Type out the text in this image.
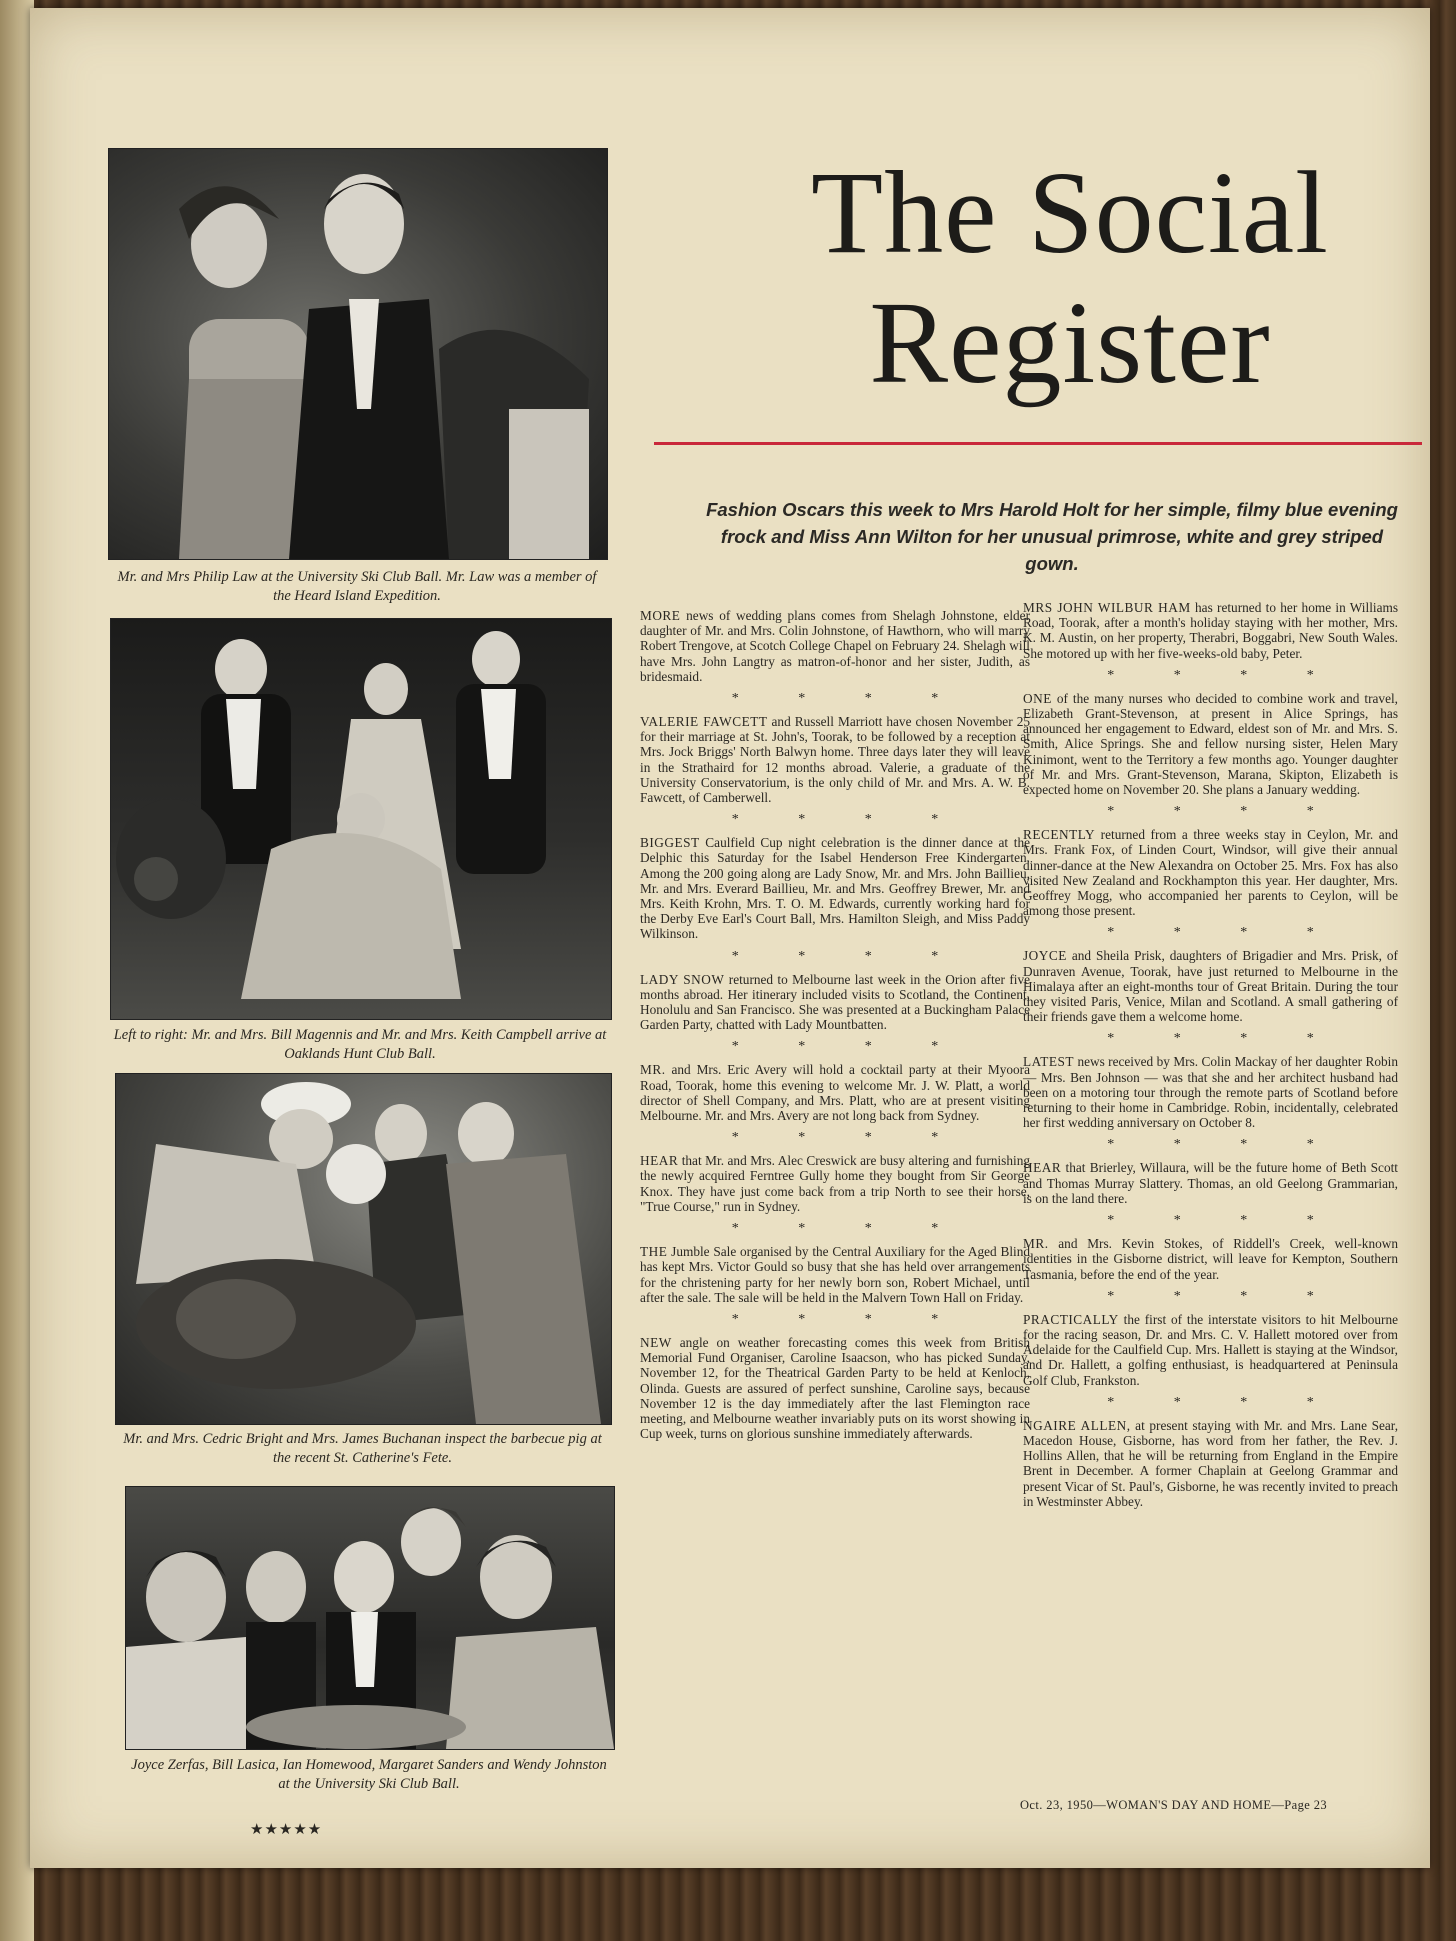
Mr. and Mrs Philip Law at the University Ski Club Ball. Mr. Law was a member of the Heard Island Expedition.
Left to right: Mr. and Mrs. Bill Magennis and Mr. and Mrs. Keith Campbell arrive at Oaklands Hunt Club Ball.
Mr. and Mrs. Cedric Bright and Mrs. James Buchanan inspect the barbecue pig at the recent St. Catherine's Fete.
Joyce Zerfas, Bill Lasica, Ian Homewood, Margaret Sanders and Wendy Johnston at the University Ski Club Ball.
★★★★★
The Social
Register
Fashion Oscars this week to Mrs Harold Holt for her simple, filmy blue evening frock and Miss Ann Wilton for her unusual primrose, white and grey striped gown.

MORE news of wedding plans comes from Shelagh Johnstone, elder daughter of Mr. and Mrs. Colin Johnstone, of Hawthorn, who will marry Robert Trengove, at Scotch College Chapel on February 24. Shelagh will have Mrs. John Langtry as matron-of-honor and her sister, Judith, as bridesmaid.

* * * *

VALERIE FAWCETT and Russell Marriott have chosen November 25 for their marriage at St. John's, Toorak, to be followed by a reception at Mrs. Jock Briggs' North Balwyn home. Three days later they will leave in the Strathaird for 12 months abroad. Valerie, a graduate of the University Conservatorium, is the only child of Mr. and Mrs. A. W. B. Fawcett, of Camberwell.

* * * *

BIGGEST Caulfield Cup night celebration is the dinner dance at the Delphic this Saturday for the Isabel Henderson Free Kindergarten. Among the 200 going along are Lady Snow, Mr. and Mrs. John Baillieu, Mr. and Mrs. Everard Baillieu, Mr. and Mrs. Geoffrey Brewer, Mr. and Mrs. Keith Krohn, Mrs. T. O. M. Edwards, currently working hard for the Derby Eve Earl's Court Ball, Mrs. Hamilton Sleigh, and Miss Paddy Wilkinson.

* * * *

LADY SNOW returned to Melbourne last week in the Orion after five months abroad. Her itinerary included visits to Scotland, the Continent, Honolulu and San Francisco. She was presented at a Buckingham Palace Garden Party, chatted with Lady Mountbatten.

* * * *

MR. and Mrs. Eric Avery will hold a cocktail party at their Myoora Road, Toorak, home this evening to welcome Mr. J. W. Platt, a world director of Shell Company, and Mrs. Platt, who are at present visiting Melbourne. Mr. and Mrs. Avery are not long back from Sydney.

* * * *

HEAR that Mr. and Mrs. Alec Creswick are busy altering and furnishing the newly acquired Ferntree Gully home they bought from Sir George Knox. They have just come back from a trip North to see their horse, "True Course," run in Sydney.

* * * *

THE Jumble Sale organised by the Central Auxiliary for the Aged Blind has kept Mrs. Victor Gould so busy that she has held over arrangements for the christening party for her newly born son, Robert Michael, until after the sale. The sale will be held in the Malvern Town Hall on Friday.

* * * *

NEW angle on weather forecasting comes this week from British Memorial Fund Organiser, Caroline Isaacson, who has picked Sunday, November 12, for the Theatrical Garden Party to be held at Kenloch, Olinda. Guests are assured of perfect sunshine, Caroline says, because November 12 is the day immediately after the last Flemington race meeting, and Melbourne weather invariably puts on its worst showing in Cup week, turns on glorious sunshine immediately afterwards.

MRS JOHN WILBUR HAM has returned to her home in Williams Road, Toorak, after a month's holiday staying with her mother, Mrs. K. M. Austin, on her property, Therabri, Boggabri, New South Wales. She motored up with her five-weeks-old baby, Peter.

* * * *

ONE of the many nurses who decided to combine work and travel, Elizabeth Grant-Stevenson, at present in Alice Springs, has announced her engagement to Edward, eldest son of Mr. and Mrs. S. Smith, Alice Springs. She and fellow nursing sister, Helen Mary Kinimont, went to the Territory a few months ago. Younger daughter of Mr. and Mrs. Grant-Stevenson, Marana, Skipton, Elizabeth is expected home on November 20. She plans a January wedding.

* * * *

RECENTLY returned from a three weeks stay in Ceylon, Mr. and Mrs. Frank Fox, of Linden Court, Windsor, will give their annual dinner-dance at the New Alexandra on October 25. Mrs. Fox has also visited New Zealand and Rockhampton this year. Her daughter, Mrs. Geoffrey Mogg, who accompanied her parents to Ceylon, will be among those present.

* * * *

JOYCE and Sheila Prisk, daughters of Brigadier and Mrs. Prisk, of Dunraven Avenue, Toorak, have just returned to Melbourne in the Himalaya after an eight-months tour of Great Britain. During the tour they visited Paris, Venice, Milan and Scotland. A small gathering of their friends gave them a welcome home.

* * * *

LATEST news received by Mrs. Colin Mackay of her daughter Robin — Mrs. Ben Johnson — was that she and her architect husband had been on a motoring tour through the remote parts of Scotland before returning to their home in Cambridge. Robin, incidentally, celebrated her first wedding anniversary on October 8.

* * * *

HEAR that Brierley, Willaura, will be the future home of Beth Scott and Thomas Murray Slattery. Thomas, an old Geelong Grammarian, is on the land there.

* * * *

MR. and Mrs. Kevin Stokes, of Riddell's Creek, well-known identities in the Gisborne district, will leave for Kempton, Southern Tasmania, before the end of the year.

* * * *

PRACTICALLY the first of the interstate visitors to hit Melbourne for the racing season, Dr. and Mrs. C. V. Hallett motored over from Adelaide for the Caulfield Cup. Mrs. Hallett is staying at the Windsor, and Dr. Hallett, a golfing enthusiast, is headquartered at Peninsula Golf Club, Frankston.

* * * *

NGAIRE ALLEN, at present staying with Mr. and Mrs. Lane Sear, Macedon House, Gisborne, has word from her father, the Rev. J. Hollins Allen, that he will be returning from England in the Empire Brent in December. A former Chaplain at Geelong Grammar and present Vicar of St. Paul's, Gisborne, he was recently invited to preach in Westminster Abbey.

Oct. 23, 1950—WOMAN'S DAY AND HOME—Page 23
